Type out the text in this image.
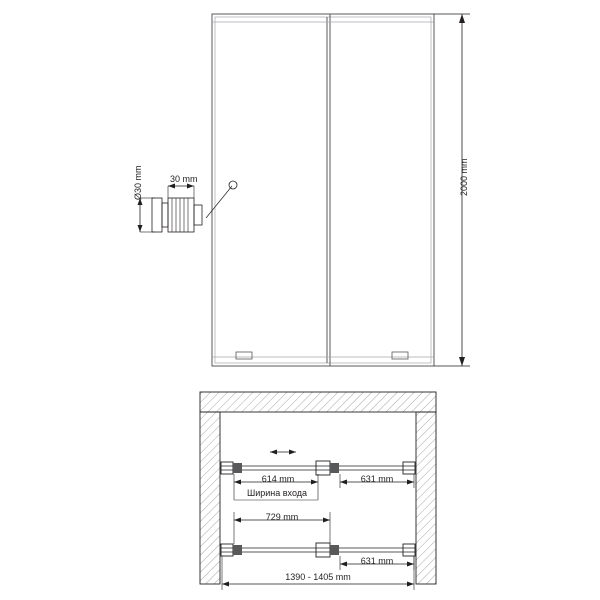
2000 mm
Ø30 mm	30 mm
614 mm
Ширина входа
631 mm
729 mm
631 mm
1390 - 1405 mm
